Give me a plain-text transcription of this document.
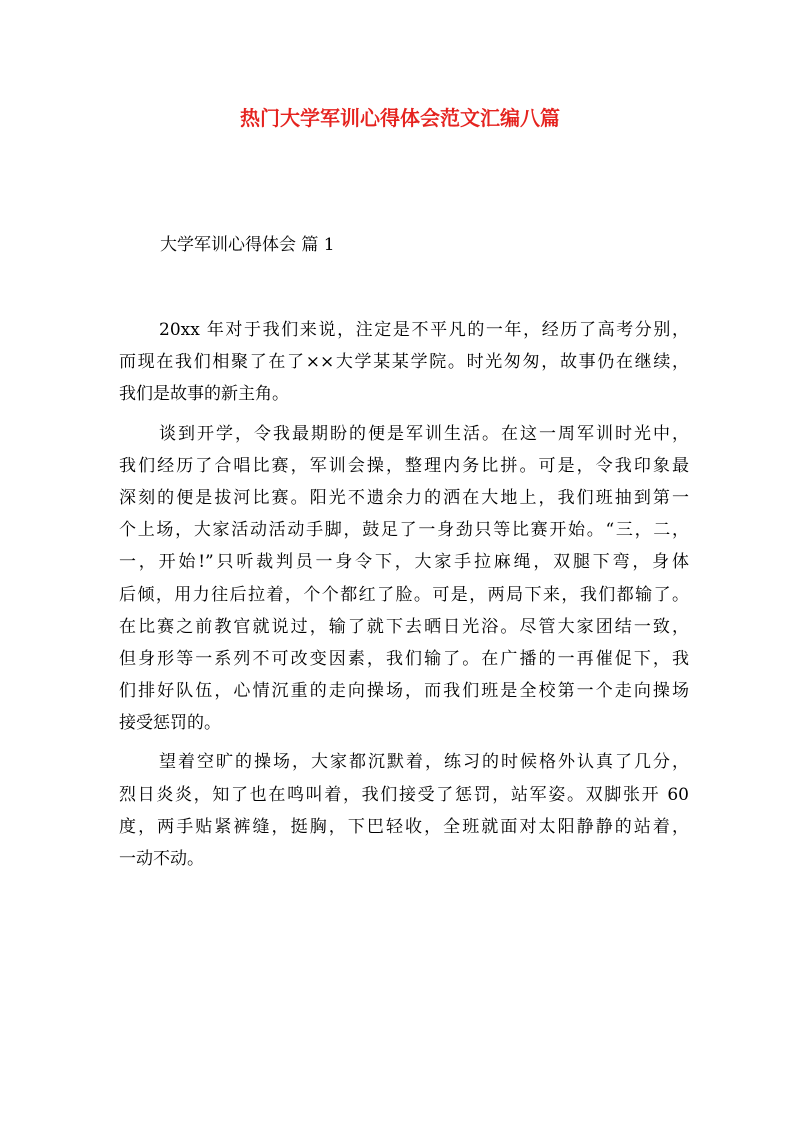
热门大学军训心得体会范文汇编八篇
大学军训心得体会 篇 1

20xx 年对于我们来说，注定是不平凡的一年，经历了高考分别，
而现在我们相聚了在了××大学某某学院。时光匆匆，故事仍在继续，
我们是故事的新主角。

谈到开学，令我最期盼的便是军训生活。在这一周军训时光中，
我们经历了合唱比赛，军训会操，整理内务比拼。可是，令我印象最
深刻的便是拔河比赛。阳光不遗余力的洒在大地上，我们班抽到第一
个上场，大家活动活动手脚，鼓足了一身劲只等比赛开始。“三，二，
一，开始!”只听裁判员一身令下，大家手拉麻绳，双腿下弯，身体
后倾，用力往后拉着，个个都红了脸。可是，两局下来，我们都输了。
在比赛之前教官就说过，输了就下去晒日光浴。尽管大家团结一致，
但身形等一系列不可改变因素，我们输了。在广播的一再催促下，我
们排好队伍，心情沉重的走向操场，而我们班是全校第一个走向操场
接受惩罚的。

望着空旷的操场，大家都沉默着，练习的时候格外认真了几分，
烈日炎炎，知了也在鸣叫着，我们接受了惩罚，站军姿。双脚张开 60
度，两手贴紧裤缝，挺胸，下巴轻收，全班就面对太阳静静的站着，
一动不动。
